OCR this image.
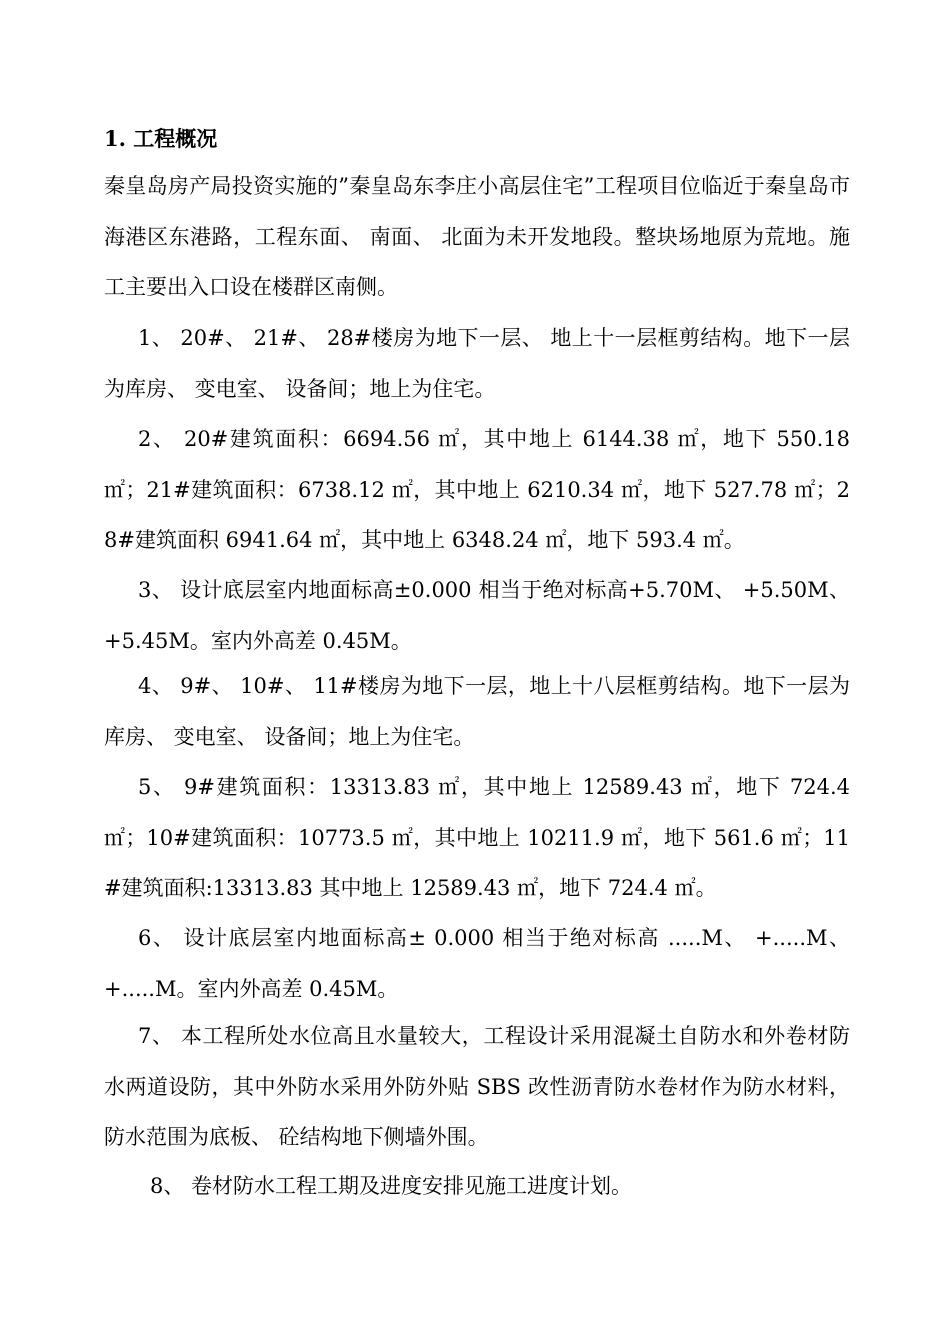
1. 工程概况
秦皇岛房产局投资实施的”秦皇岛东李庄小高层住宅”工程项目位临近于秦皇岛市海港区东港路，工程东面、 南面、 北面为未开发地段。整块场地原为荒地。施工主要出入口设在楼群区南侧。
1、 20#、 21#、 28#楼房为地下一层、 地上十一层框剪结构。地下一层为库房、 变电室、 设备间；地上为住宅。
2、 20#建筑面积：6694.56 ㎡，其中地上 6144.38 ㎡，地下 550.18 ㎡；21#建筑面积：6738.12 ㎡，其中地上 6210.34 ㎡，地下 527.78 ㎡；28#建筑面积 6941.64 ㎡，其中地上 6348.24 ㎡，地下 593.4 ㎡。
3、 设计底层室内地面标高±0.000 相当于绝对标高+5.70M、 +5.50M、 +5.45M。室内外高差 0.45M。
4、 9#、 10#、 11#楼房为地下一层，地上十八层框剪结构。地下一层为库房、 变电室、 设备间；地上为住宅。
5、 9#建筑面积：13313.83 ㎡，其中地上 12589.43 ㎡，地下 724.4 ㎡；10#建筑面积：10773.5 ㎡，其中地上 10211.9 ㎡，地下 561.6 ㎡；11#建筑面积:13313.83 其中地上 12589.43 ㎡，地下 724.4 ㎡。
6、 设计底层室内地面标高± 0.000 相当于绝对标高 .....M、 +.....M、 +.....M。室内外高差 0.45M。
7、 本工程所处水位高且水量较大，工程设计采用混凝土自防水和外卷材防水两道设防，其中外防水采用外防外贴 SBS 改性沥青防水卷材作为防水材料，防水范围为底板、 砼结构地下侧墙外围。
8、 卷材防水工程工期及进度安排见施工进度计划。
